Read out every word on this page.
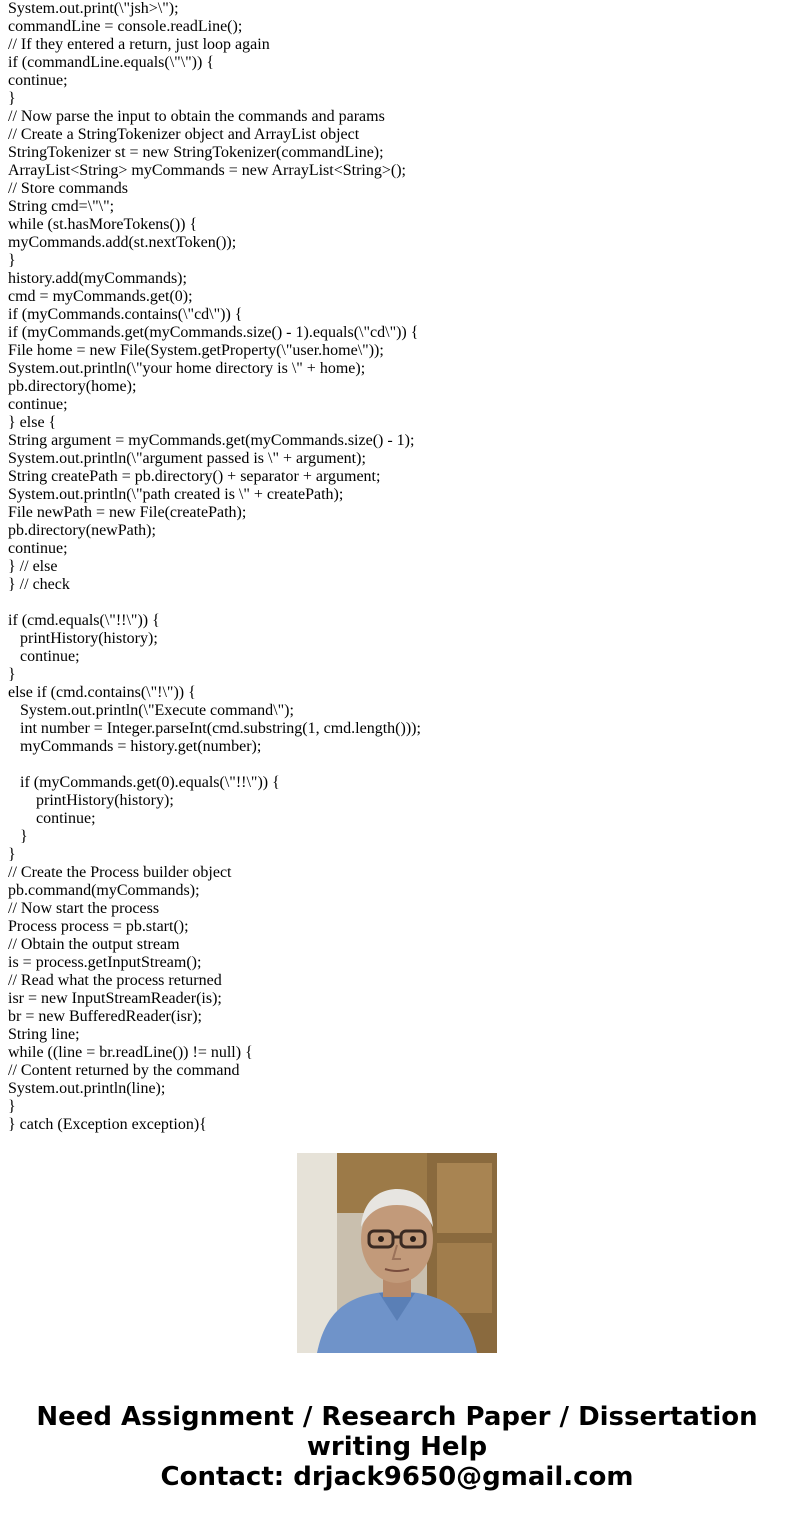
System.out.print(\"jsh>\");
commandLine = console.readLine();
// If they entered a return, just loop again
if (commandLine.equals(\"\")) {
continue;
}
// Now parse the input to obtain the commands and params
// Create a StringTokenizer object and ArrayList object
StringTokenizer st = new StringTokenizer(commandLine);
ArrayList<String> myCommands = new ArrayList<String>();
// Store commands
String cmd=\"\";
while (st.hasMoreTokens()) {
myCommands.add(st.nextToken());
}
history.add(myCommands);
cmd = myCommands.get(0);
if (myCommands.contains(\"cd\")) {
if (myCommands.get(myCommands.size() - 1).equals(\"cd\")) {
File home = new File(System.getProperty(\"user.home\"));
System.out.println(\"your home directory is \" + home);
pb.directory(home);
continue;
} else {
String argument = myCommands.get(myCommands.size() - 1);
System.out.println(\"argument passed is \" + argument);
String createPath = pb.directory() + separator + argument;
System.out.println(\"path created is \" + createPath);
File newPath = new File(createPath);
pb.directory(newPath);
continue;
} // else
} // check
if (cmd.equals(\"!!\")) {
printHistory(history);
continue;
}
else if (cmd.contains(\"!\")) {
System.out.println(\"Execute command\");
int number = Integer.parseInt(cmd.substring(1, cmd.length()));
myCommands = history.get(number);
if (myCommands.get(0).equals(\"!!\")) {
printHistory(history);
continue;
}
}
// Create the Process builder object
pb.command(myCommands);
// Now start the process
Process process = pb.start();
// Obtain the output stream
is = process.getInputStream();
// Read what the process returned
isr = new InputStreamReader(is);
br = new BufferedReader(isr);
String line;
while ((line = br.readLine()) != null) {
// Content returned by the command
System.out.println(line);
}
} catch (Exception exception){
Need Assignment / Research Paper / Dissertation
writing Help
Contact: drjack9650@gmail.com
